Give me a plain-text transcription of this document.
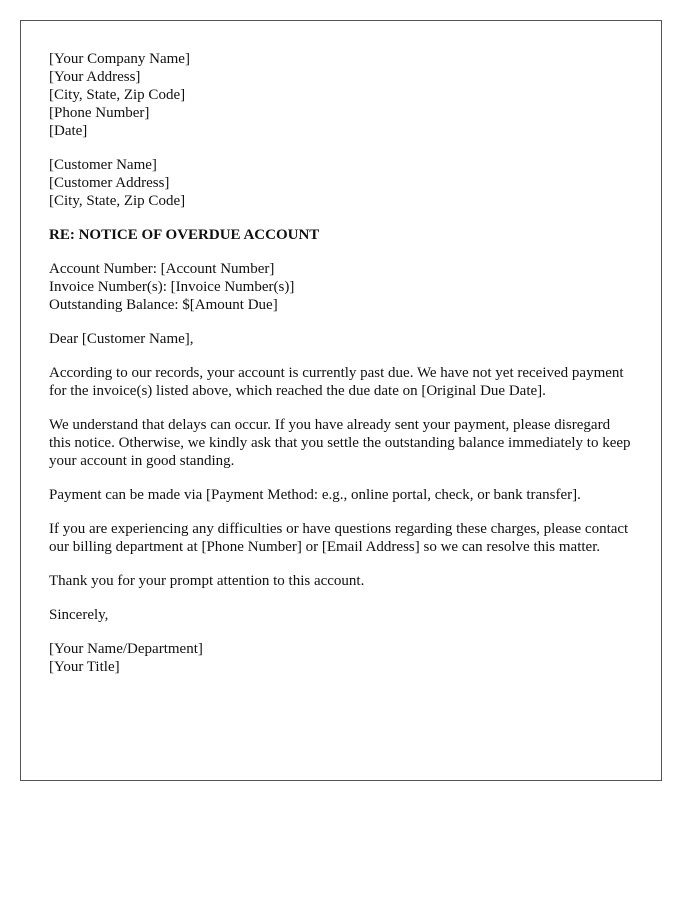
[Your Company Name]
[Your Address]
[City, State, Zip Code]
[Phone Number]
[Date]

[Customer Name]
[Customer Address]
[City, State, Zip Code]

RE: NOTICE OF OVERDUE ACCOUNT

Account Number: [Account Number]
Invoice Number(s): [Invoice Number(s)]
Outstanding Balance: $[Amount Due]

Dear [Customer Name],

According to our records, your account is currently past due. We have not yet received payment for the invoice(s) listed above, which reached the due date on [Original Due Date].

We understand that delays can occur. If you have already sent your payment, please disregard this notice. Otherwise, we kindly ask that you settle the outstanding balance immediately to keep your account in good standing.

Payment can be made via [Payment Method: e.g., online portal, check, or bank transfer].

If you are experiencing any difficulties or have questions regarding these charges, please contact our billing department at [Phone Number] or [Email Address] so we can resolve this matter.

Thank you for your prompt attention to this account.

Sincerely,

[Your Name/Department]
[Your Title]
